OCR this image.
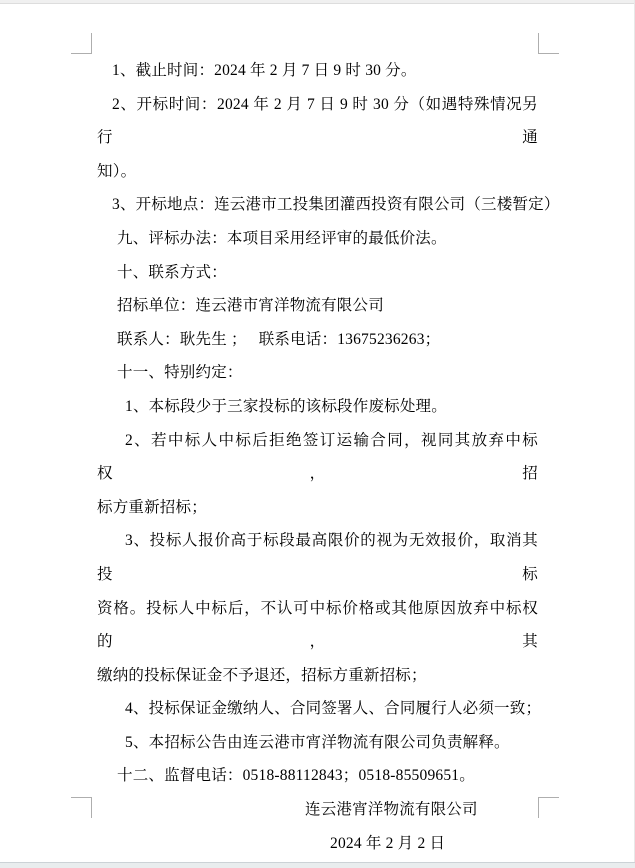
1、截止时间：2024 年 2 月 7 日 9 时 30 分。
2、开标时间：2024 年 2 月 7 日 9 时 30 分（如遇特殊情况另行通
知）。
3、开标地点：连云港市工投集团灌西投资有限公司（三楼暂定）
九、评标办法：本项目采用经评审的最低价法。
十、联系方式：
招标单位：连云港市宵洋物流有限公司
联系人：耿先生 ；　 联系电话：13675236263；
十一、特别约定：
1、本标段少于三家投标的该标段作废标处理。
2、若中标人中标后拒绝签订运输合同，视同其放弃中标权，招
标方重新招标；
3、投标人报价高于标段最高限价的视为无效报价，取消其投标
资格。投标人中标后，不认可中标价格或其他原因放弃中标权的，其
缴纳的投标保证金不予退还，招标方重新招标；
4、投标保证金缴纳人、合同签署人、合同履行人必须一致；
5、本招标公告由连云港市宵洋物流有限公司负责解释。
十二、监督电话：0518-88112843；0518-85509651。
连云港宵洋物流有限公司
2024 年 2 月 2 日
